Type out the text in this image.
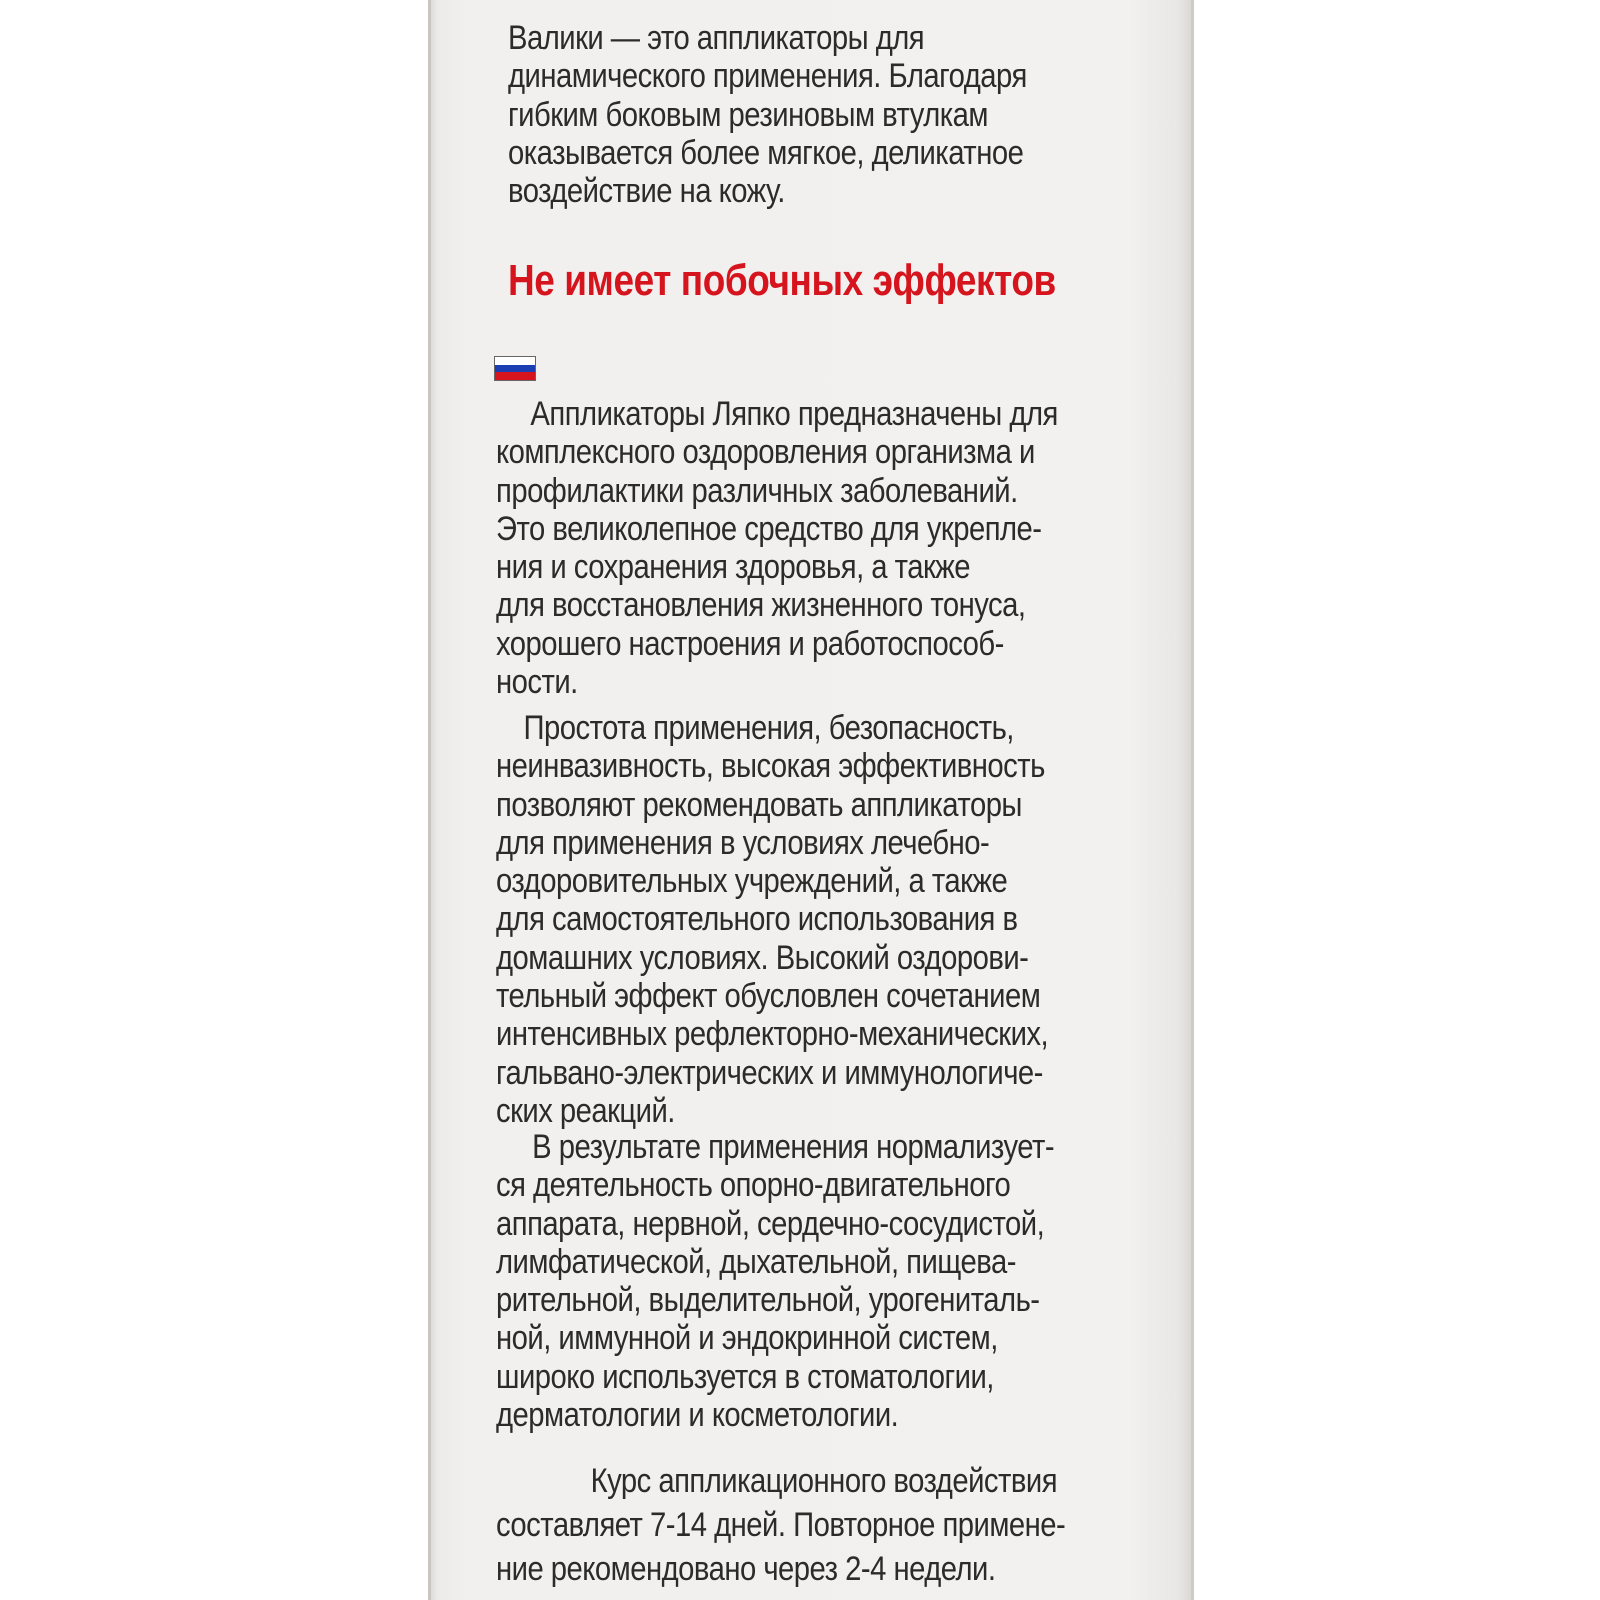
Валики — это аппликаторы для
динамического применения. Благодаря
гибким боковым резиновым втулкам
оказывается более мягкое, деликатное
воздействие на кожу.
Не имеет побочных эффектов
Аппликаторы Ляпко предназначены для
комплексного оздоровления организма и
профилактики различных заболеваний.
Это великолепное средство для укрепле-
ния и сохранения здоровья, а также
для восстановления жизненного тонуса,
хорошего настроения и работоспособ-
ности.
Простота применения, безопасность,
неинвазивность, высокая эффективность
позволяют рекомендовать аппликаторы
для применения в условиях лечебно-
оздоровительных учреждений, а также
для самостоятельного использования в
домашних условиях. Высокий оздорови-
тельный эффект обусловлен сочетанием
интенсивных рефлекторно-механических,
гальвано-электрических и иммунологиче-
ских реакций.
В результате применения нормализует-
ся деятельность опорно-двигательного
аппарата, нервной, сердечно-сосудистой,
лимфатической, дыхательной, пищева-
рительной, выделительной, урогениталь-
ной, иммунной и эндокринной систем,
широко используется в стоматологии,
дерматологии и косметологии.
Курс аппликационного воздействия
составляет 7-14 дней. Повторное применe-
ние рекомендовано через 2-4 недели.
